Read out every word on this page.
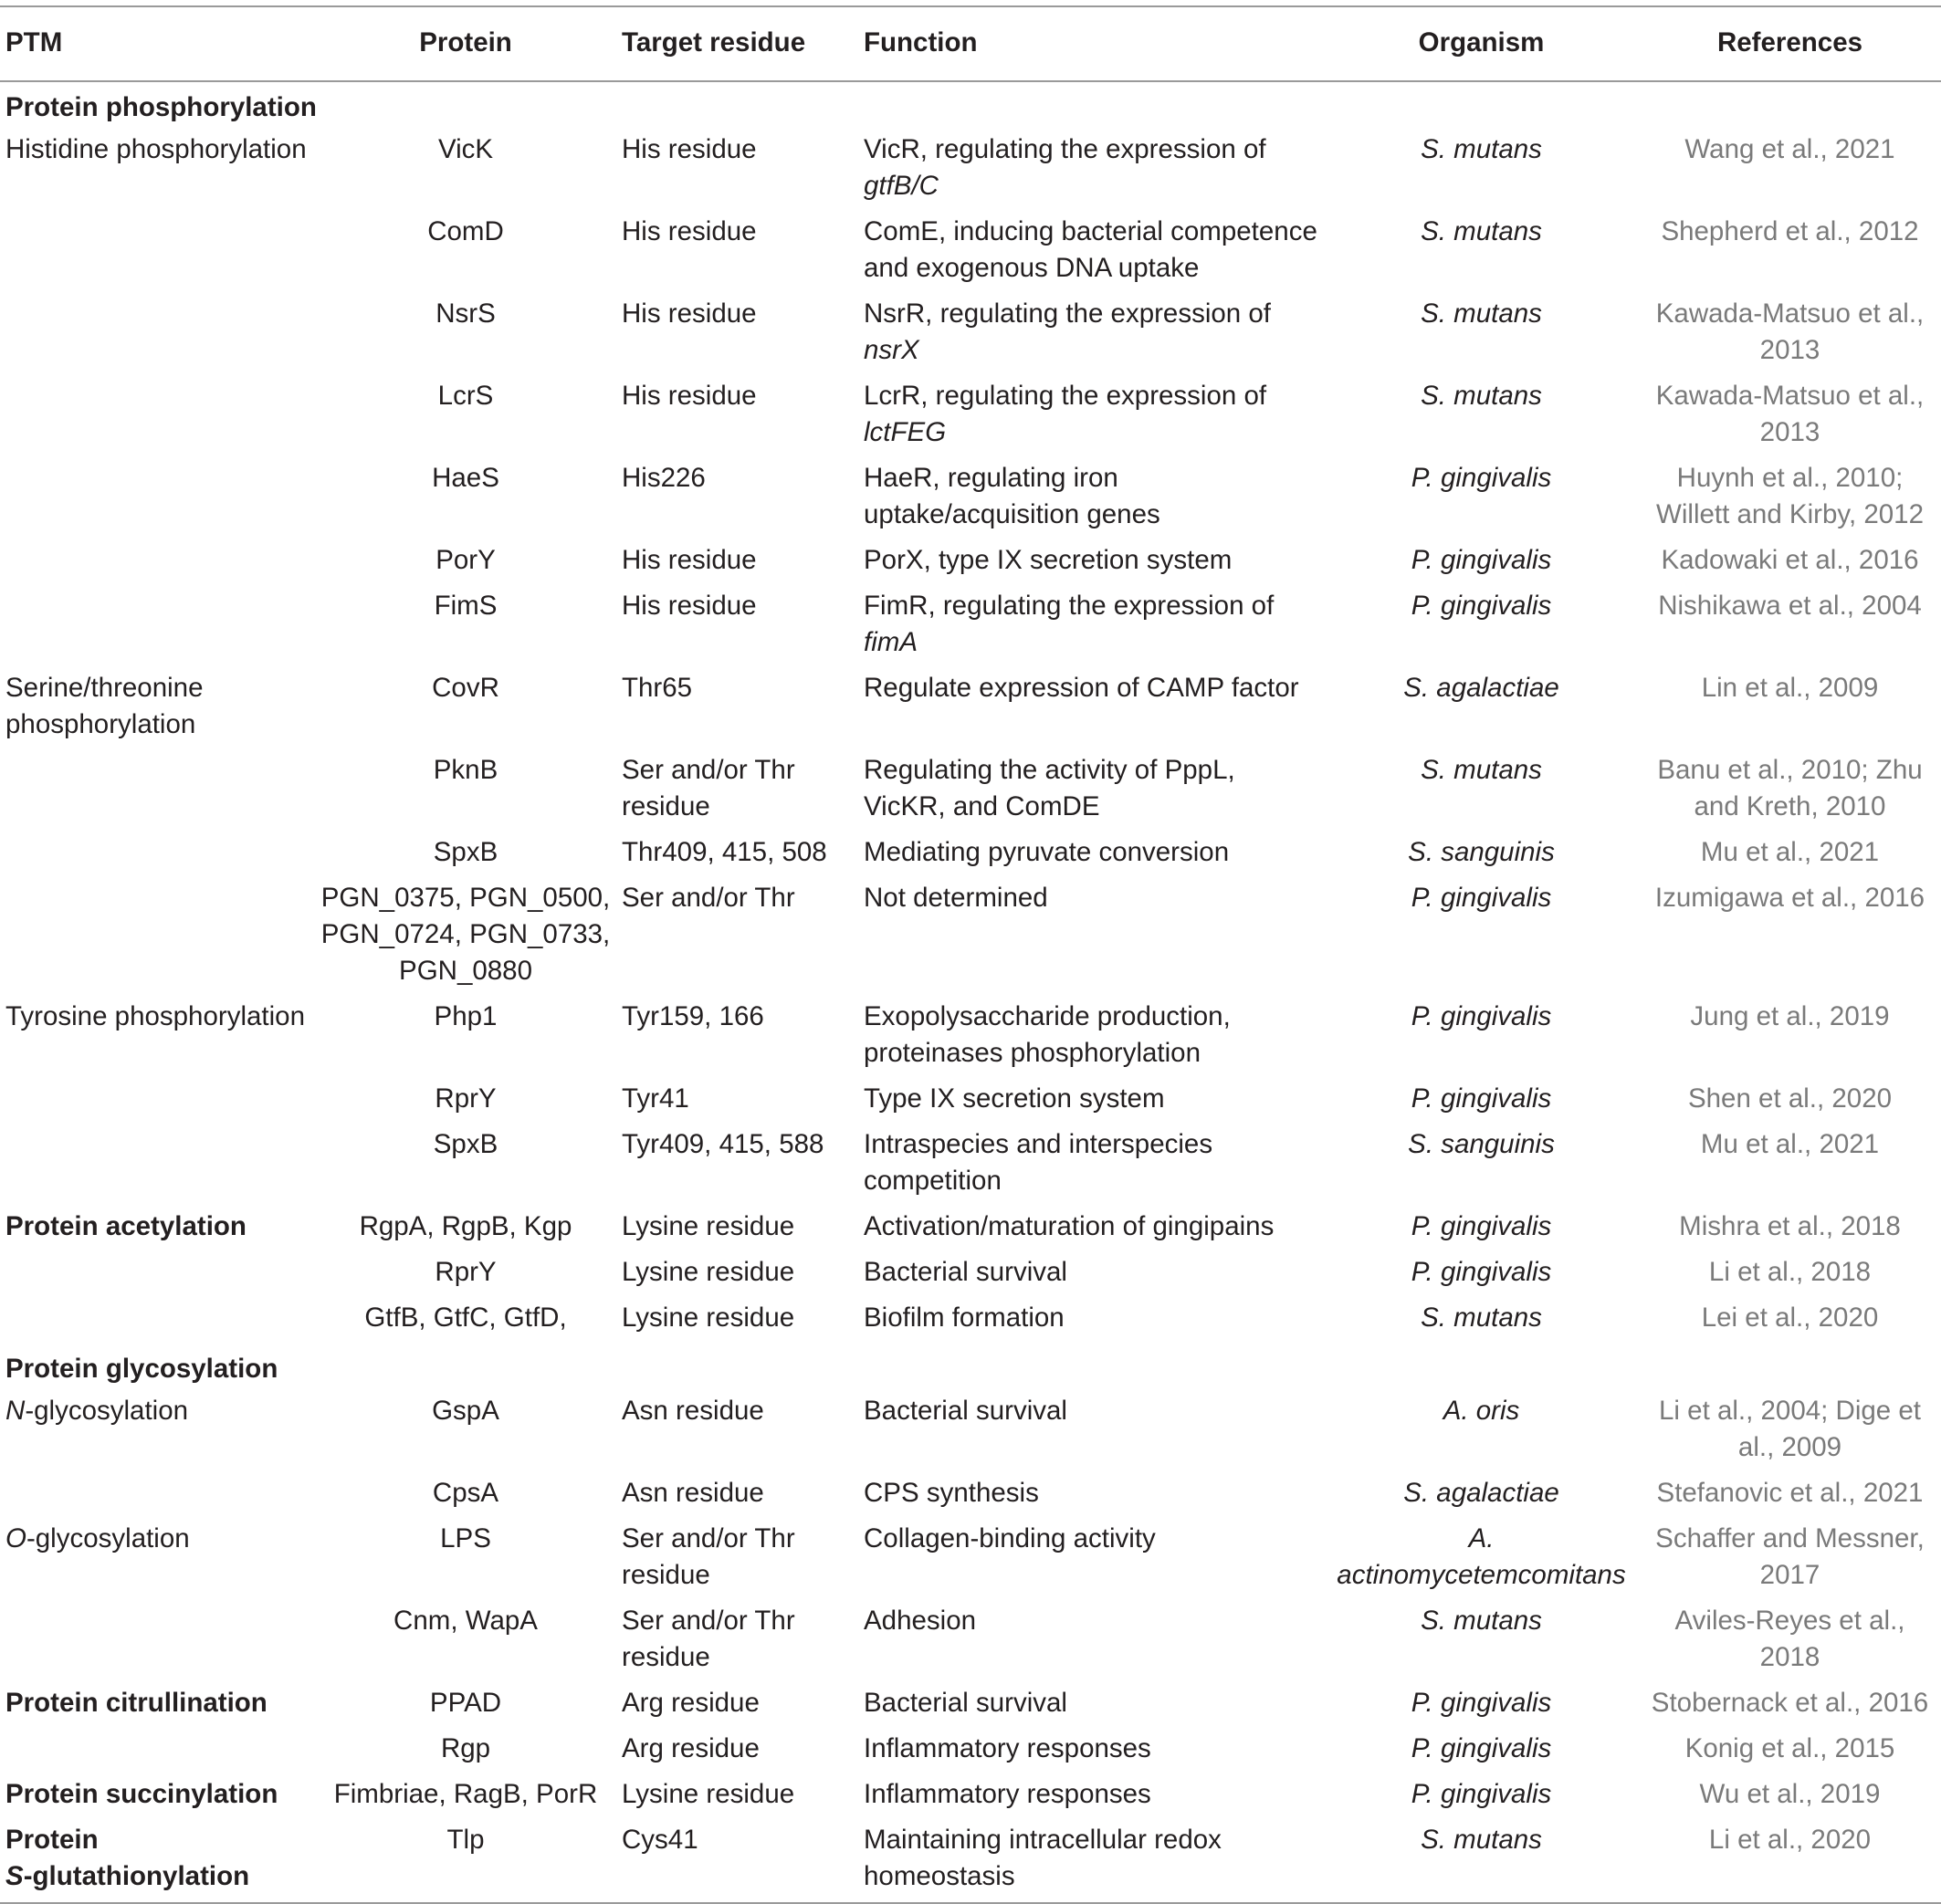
PTM	Protein	Target residue	Function	Organism	References
Protein phosphorylation					
Histidine phosphorylation	VicK	His residue	VicR, regulating the expression of gtfB/C	S. mutans	Wang et al., 2021
	ComD	His residue	ComE, inducing bacterial competence and exogenous DNA uptake	S. mutans	Shepherd et al., 2012
	NsrS	His residue	NsrR, regulating the expression of nsrX	S. mutans	Kawada-Matsuo et al., 2013
	LcrS	His residue	LcrR, regulating the expression of lctFEG	S. mutans	Kawada-Matsuo et al., 2013
	HaeS	His226	HaeR, regulating iron uptake/acquisition genes	P. gingivalis	Huynh et al., 2010; Willett and Kirby, 2012
	PorY	His residue	PorX, type IX secretion system	P. gingivalis	Kadowaki et al., 2016
	FimS	His residue	FimR, regulating the expression of fimA	P. gingivalis	Nishikawa et al., 2004
Serine/threonine phosphorylation	CovR	Thr65	Regulate expression of CAMP factor	S. agalactiae	Lin et al., 2009
	PknB	Ser and/or Thr residue	Regulating the activity of PppL, VicKR, and ComDE	S. mutans	Banu et al., 2010; Zhu and Kreth, 2010
	SpxB	Thr409, 415, 508	Mediating pyruvate conversion	S. sanguinis	Mu et al., 2021
	PGN_0375, PGN_0500, PGN_0724, PGN_0733, PGN_0880	Ser and/or Thr	Not determined	P. gingivalis	Izumigawa et al., 2016
Tyrosine phosphorylation	Php1	Tyr159, 166	Exopolysaccharide production, proteinases phosphorylation	P. gingivalis	Jung et al., 2019
	RprY	Tyr41	Type IX secretion system	P. gingivalis	Shen et al., 2020
	SpxB	Tyr409, 415, 588	Intraspecies and interspecies competition	S. sanguinis	Mu et al., 2021
Protein acetylation	RgpA, RgpB, Kgp	Lysine residue	Activation/maturation of gingipains	P. gingivalis	Mishra et al., 2018
	RprY	Lysine residue	Bacterial survival	P. gingivalis	Li et al., 2018
	GtfB, GtfC, GtfD,	Lysine residue	Biofilm formation	S. mutans	Lei et al., 2020
Protein glycosylation					
N-glycosylation	GspA	Asn residue	Bacterial survival	A. oris	Li et al., 2004; Dige et al., 2009
	CpsA	Asn residue	CPS synthesis	S. agalactiae	Stefanovic et al., 2021
O-glycosylation	LPS	Ser and/or Thr residue	Collagen-binding activity	A. actinomycetemcomitans	Schaffer and Messner, 2017
	Cnm, WapA	Ser and/or Thr residue	Adhesion	S. mutans	Aviles-Reyes et al., 2018
Protein citrullination	PPAD	Arg residue	Bacterial survival	P. gingivalis	Stobernack et al., 2016
	Rgp	Arg residue	Inflammatory responses	P. gingivalis	Konig et al., 2015
Protein succinylation	Fimbriae, RagB, PorR	Lysine residue	Inflammatory responses	P. gingivalis	Wu et al., 2019
Protein
S-glutathionylation	Tlp	Cys41	Maintaining intracellular redox homeostasis	S. mutans	Li et al., 2020
